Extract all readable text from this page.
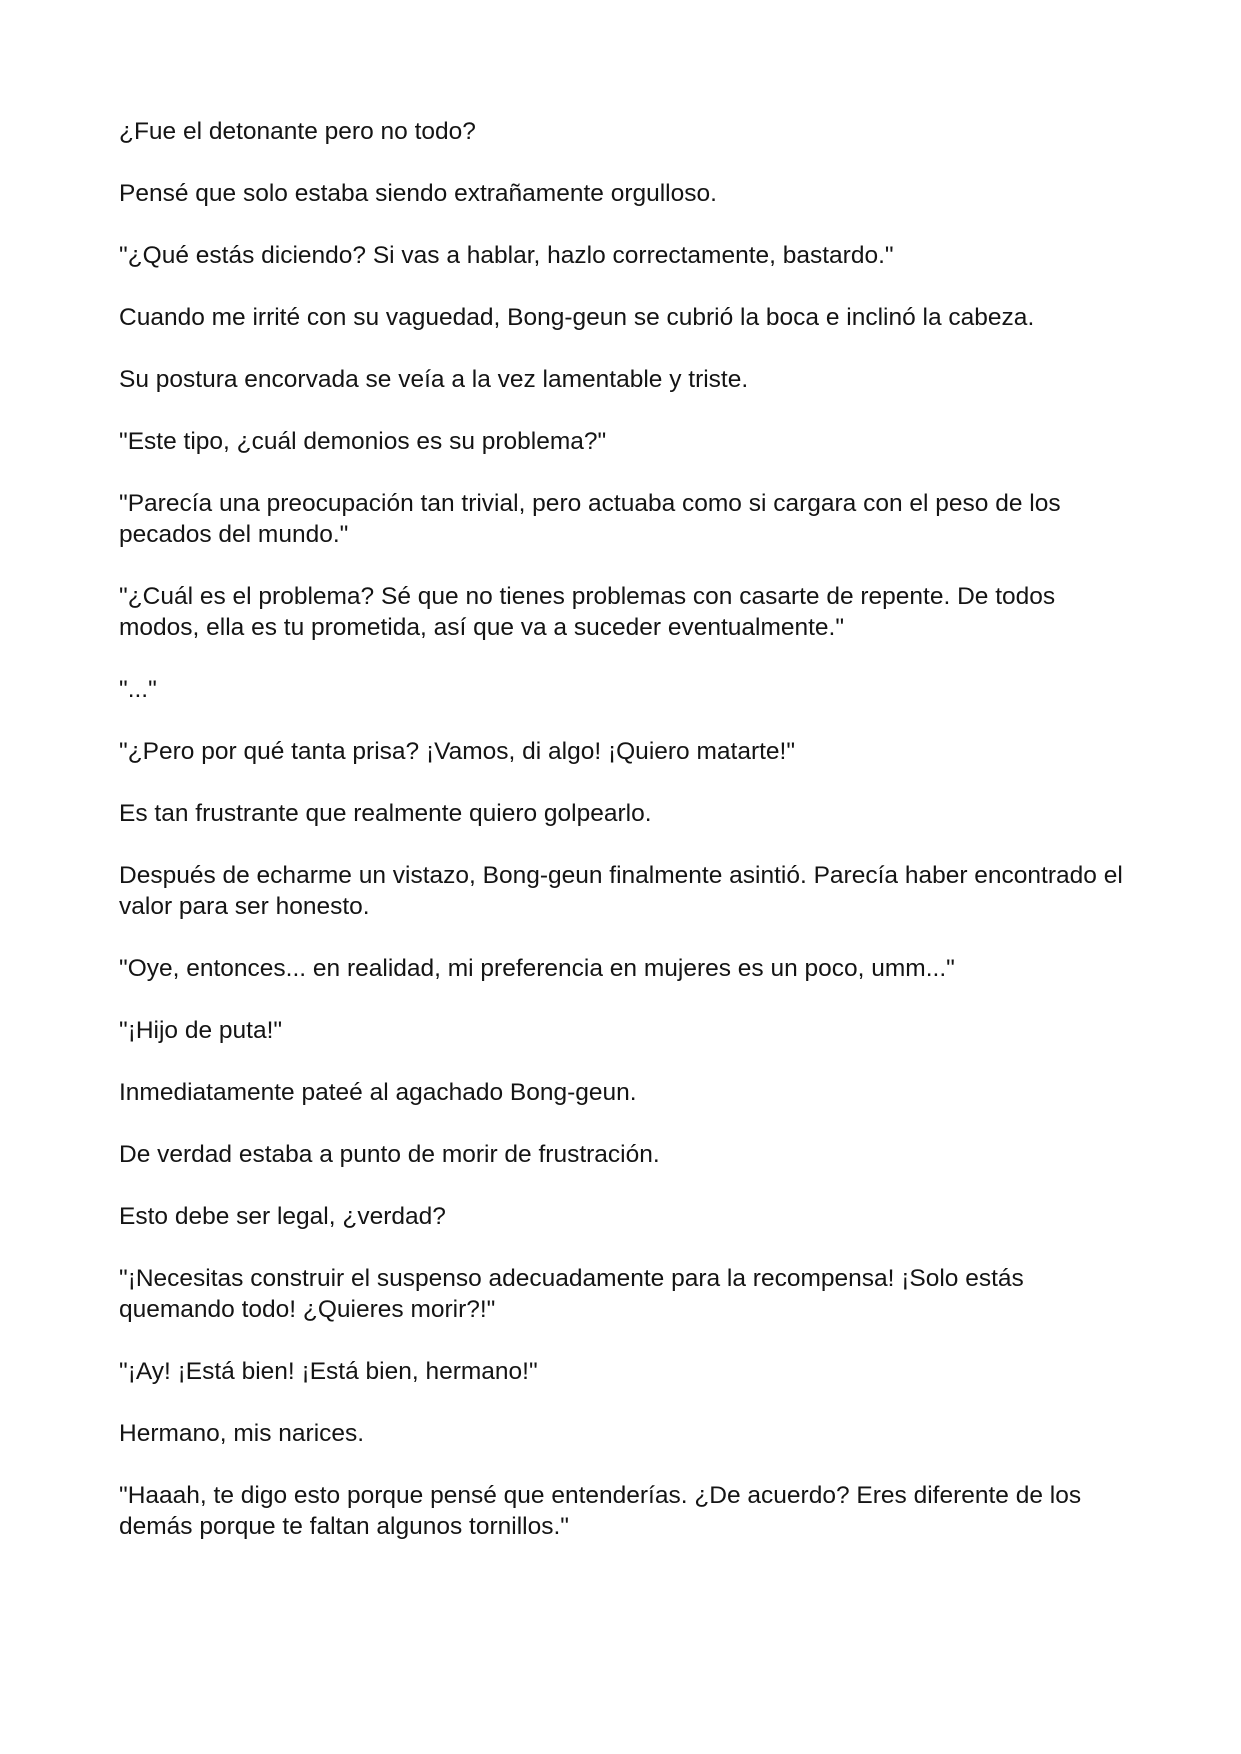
¿Fue el detonante pero no todo?

Pensé que solo estaba siendo extrañamente orgulloso.

"¿Qué estás diciendo? Si vas a hablar, hazlo correctamente, bastardo."

Cuando me irrité con su vaguedad, Bong-geun se cubrió la boca e inclinó la cabeza.

Su postura encorvada se veía a la vez lamentable y triste.

"Este tipo, ¿cuál demonios es su problema?"

"Parecía una preocupación tan trivial, pero actuaba como si cargara con el peso de los pecados del mundo."

"¿Cuál es el problema? Sé que no tienes problemas con casarte de repente. De todos modos, ella es tu prometida, así que va a suceder eventualmente."

"..."

"¿Pero por qué tanta prisa? ¡Vamos, di algo! ¡Quiero matarte!"

Es tan frustrante que realmente quiero golpearlo.

Después de echarme un vistazo, Bong-geun finalmente asintió. Parecía haber encontrado el valor para ser honesto.

"Oye, entonces... en realidad, mi preferencia en mujeres es un poco, umm..."

"¡Hijo de puta!"

Inmediatamente pateé al agachado Bong-geun.

De verdad estaba a punto de morir de frustración.

Esto debe ser legal, ¿verdad?

"¡Necesitas construir el suspenso adecuadamente para la recompensa! ¡Solo estás quemando todo! ¿Quieres morir?!"

"¡Ay! ¡Está bien! ¡Está bien, hermano!"

Hermano, mis narices.

"Haaah, te digo esto porque pensé que entenderías. ¿De acuerdo? Eres diferente de los demás porque te faltan algunos tornillos."
